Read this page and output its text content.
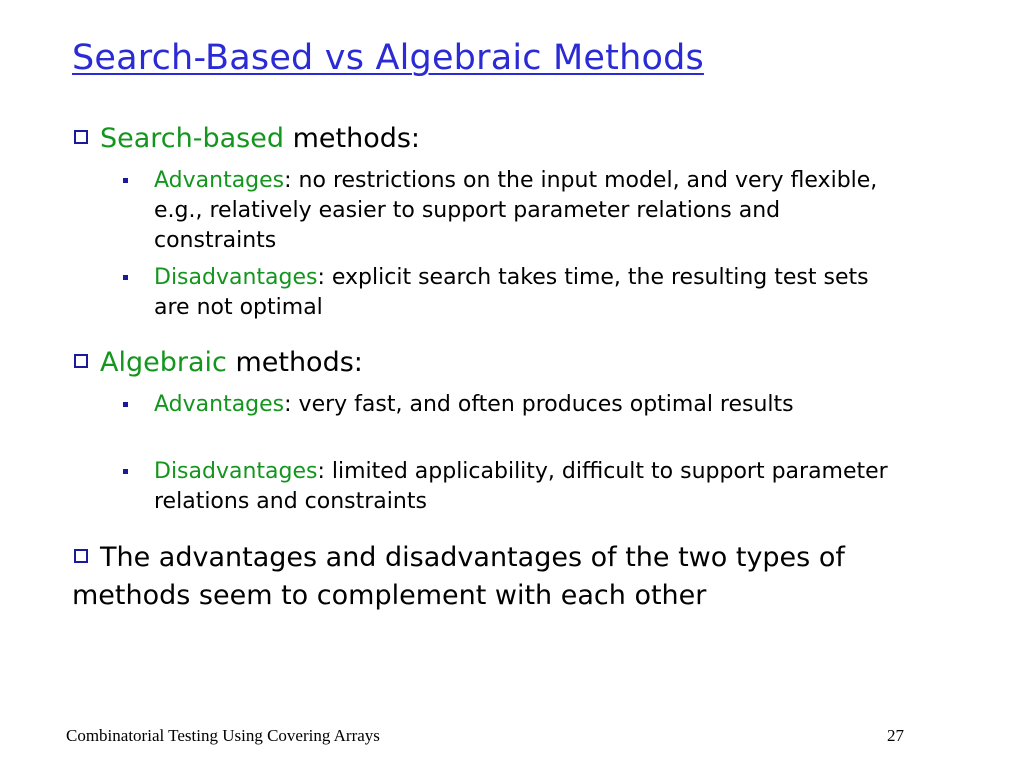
Search-Based vs Algebraic Methods
Search-based methods:
Advantages: no restrictions on the input model, and very flexible, e.g., relatively easier to support parameter relations and constraints
Disadvantages: explicit search takes time, the resulting test sets are not optimal
Algebraic methods:
Advantages: very fast, and often produces optimal results
Disadvantages: limited applicability, difficult to support parameter relations and constraints
The advantages and disadvantages of the two types of methods seem to complement with each other
Combinatorial Testing Using Covering Arrays	27
